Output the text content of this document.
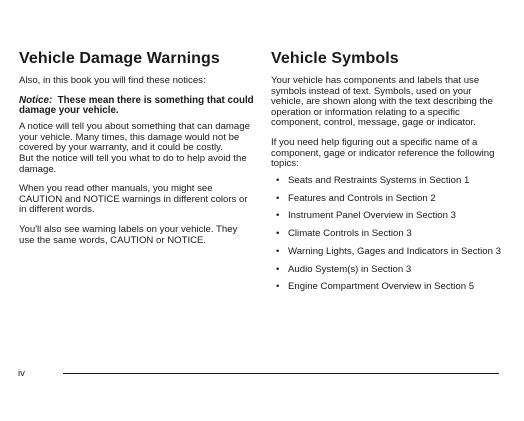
Vehicle Damage Warnings

Also, in this book you will find these notices:

Notice: These mean there is something that could damage your vehicle.

A notice will tell you about something that can damage your vehicle. Many times, this damage would not be covered by your warranty, and it could be costly.

But the notice will tell you what to do to help avoid the damage.

When you read other manuals, you might see CAUTION and NOTICE warnings in different colors or in different words.

You'll also see warning labels on your vehicle. They use the same words, CAUTION or NOTICE.

Vehicle Symbols

Your vehicle has components and labels that use symbols instead of text. Symbols, used on your vehicle, are shown along with the text describing the operation or information relating to a specific component, control, message, gage or indicator.

If you need help figuring out a specific name of a component, gage or indicator reference the following topics:

• Seats and Restraints Systems in Section 1
• Features and Controls in Section 2
• Instrument Panel Overview in Section 3
• Climate Controls in Section 3
• Warning Lights, Gages and Indicators in Section 3
• Audio System(s) in Section 3
• Engine Compartment Overview in Section 5
iv
